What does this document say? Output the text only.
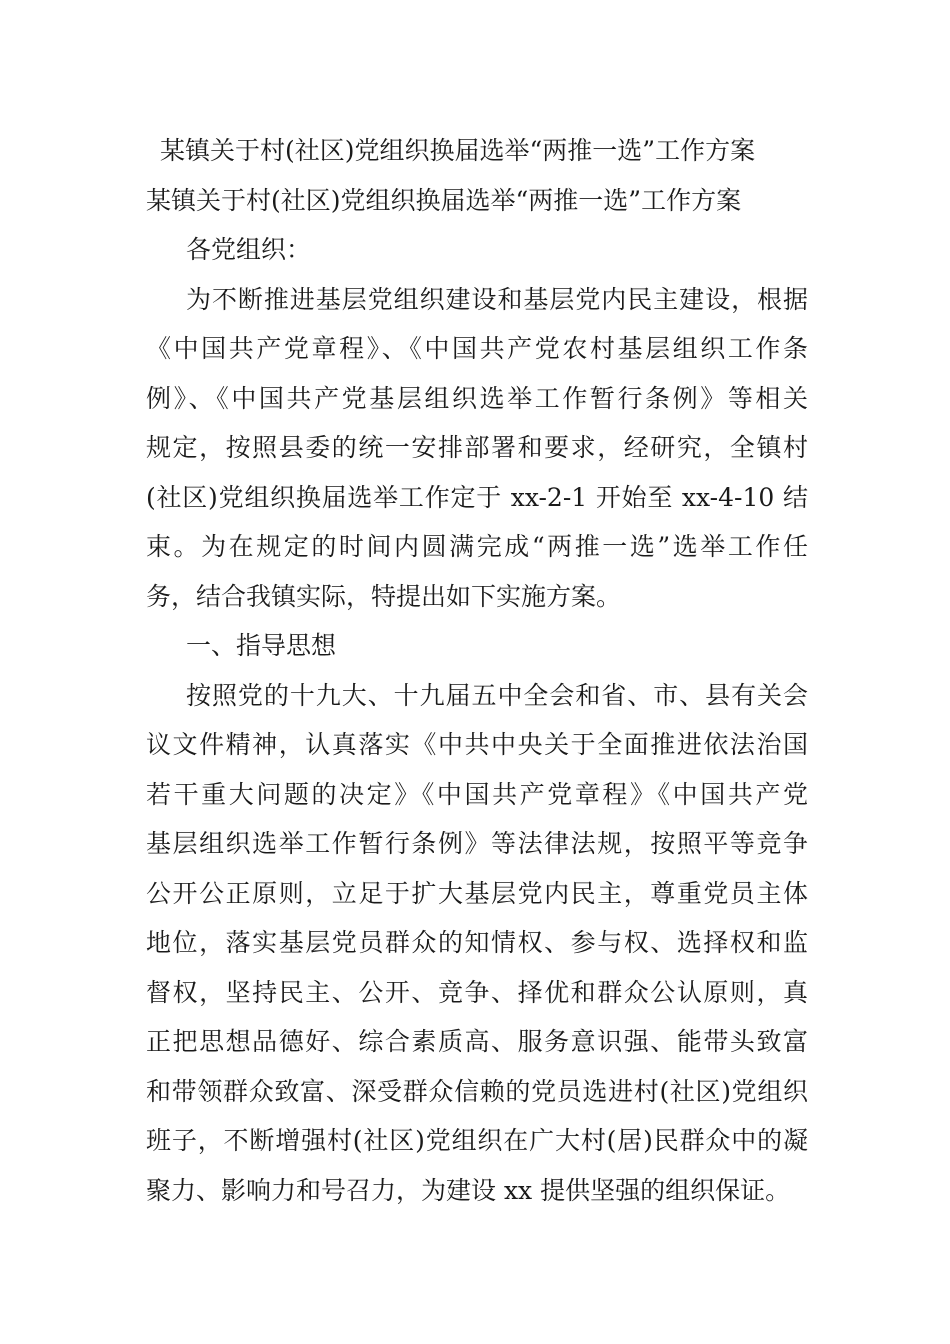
某镇关于村(社区)党组织换届选举“两推一选”工作方案
某镇关于村(社区)党组织换届选举“两推一选”工作方案
各党组织：
为不断推进基层党组织建设和基层党内民主建设，根据
《中国共产党章程》、《中国共产党农村基层组织工作条
例》、《中国共产党基层组织选举工作暂行条例》等相关
规定，按照县委的统一安排部署和要求，经研究，全镇村
(社区)党组织换届选举工作定于 xx-2-1 开始至 xx-4-10 结
束。为在规定的时间内圆满完成“两推一选”选举工作任
务，结合我镇实际，特提出如下实施方案。
一、指导思想
按照党的十九大、十九届五中全会和省、市、县有关会
议文件精神，认真落实《中共中央关于全面推进依法治国
若干重大问题的决定》《中国共产党章程》《中国共产党
基层组织选举工作暂行条例》等法律法规，按照平等竞争
公开公正原则，立足于扩大基层党内民主，尊重党员主体
地位，落实基层党员群众的知情权、参与权、选择权和监
督权，坚持民主、公开、竞争、择优和群众公认原则，真
正把思想品德好、综合素质高、服务意识强、能带头致富
和带领群众致富、深受群众信赖的党员选进村(社区)党组织
班子，不断增强村(社区)党组织在广大村(居)民群众中的凝
聚力、影响力和号召力，为建设 xx 提供坚强的组织保证。
